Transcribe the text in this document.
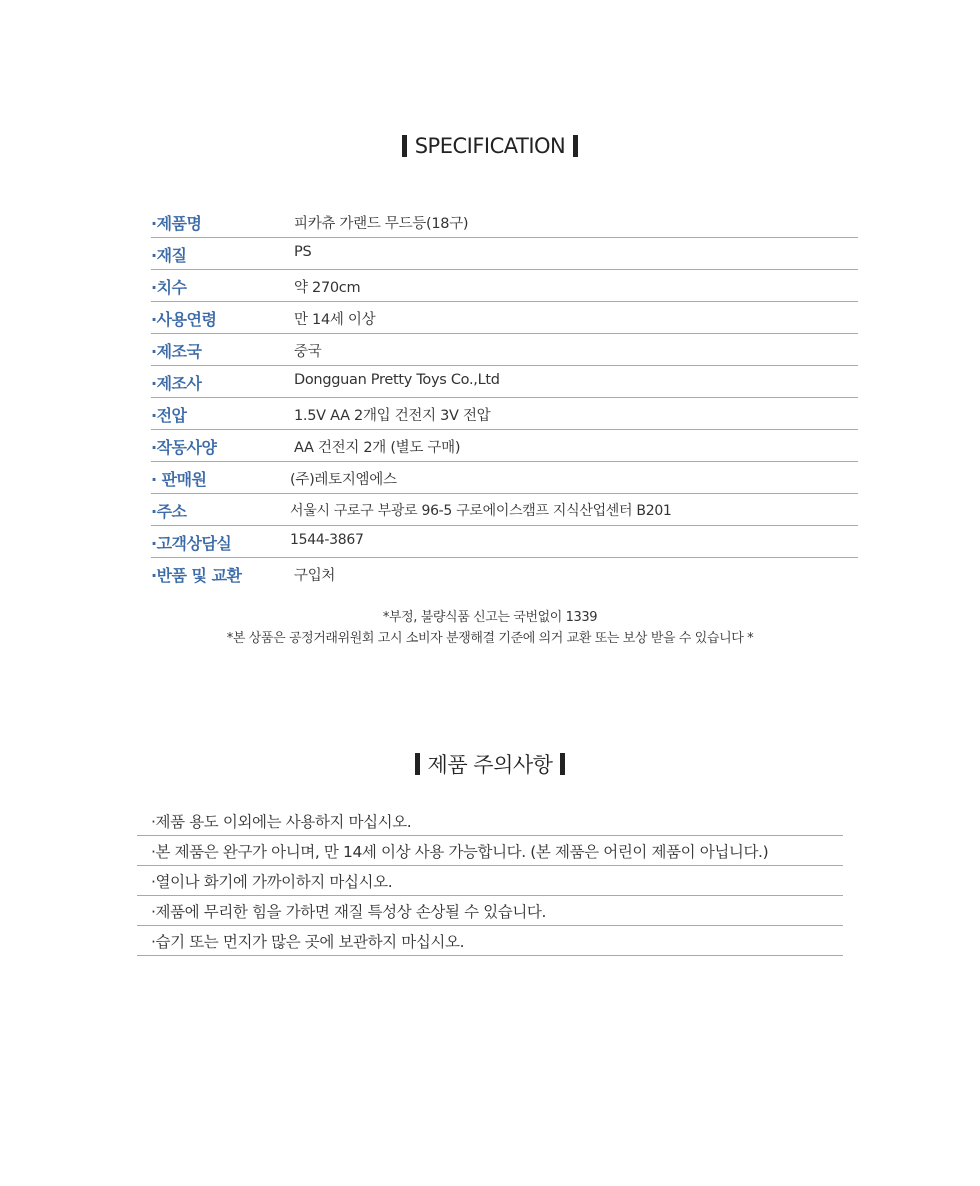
SPECIFICATION
·제품명	피카츄 가랜드 무드등(18구)
·재질	PS
·치수	약 270cm
·사용연령	만 14세 이상
·제조국	중국
·제조사	Dongguan Pretty Toys Co.,Ltd
·전압	1.5V AA 2개입 건전지 3V 전압
·작동사양	AA 건전지 2개 (별도 구매)
· 판매원	(주)레토지엠에스
·주소	서울시 구로구 부광로 96-5 구로에이스캠프 지식산업센터 B201
·고객상담실	1544-3867
·반품 및 교환	구입처
*부정, 불량식품 신고는 국번없이 1339
*본 상품은 공정거래위원회 고시 소비자 분쟁해결 기준에 의거 교환 또는 보상 받을 수 있습니다 *
제품 주의사항
·제품 용도 이외에는 사용하지 마십시오.
·본 제품은 완구가 아니며, 만 14세 이상 사용 가능합니다. (본 제품은 어린이 제품이 아닙니다.)
·열이나 화기에 가까이하지 마십시오.
·제품에 무리한 힘을 가하면 재질 특성상 손상될 수 있습니다.
·습기 또는 먼지가 많은 곳에 보관하지 마십시오.
